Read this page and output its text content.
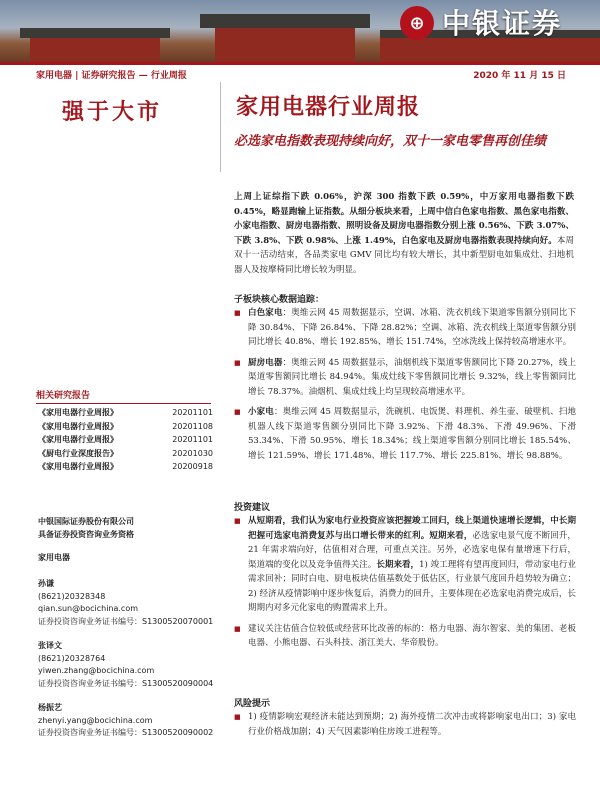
⊕ 中银证券
家用电器 | 证券研究报告 — 行业周报	2020 年 11 月 15 日
强于大市
相关研究报告
《家用电器行业周报》	20201101
《家用电器行业周报》	20201108
《家用电器行业周报》	20201101
《厨电行业深度报告》	20201030
《家用电器行业周报》	20200918
中银国际证券股份有限公司
具备证券投资咨询业务资格
家用电器
孙谦
(8621)20328348
qian.sun@bocichina.com
证券投资咨询业务证书编号：S1300520070001
张译文
(8621)20328764
yiwen.zhang@bocichina.com
证券投资咨询业务证书编号：S1300520090004
杨振艺
zhenyi.yang@bocichina.com
证券投资咨询业务证书编号：S1300520090002
家用电器行业周报
必选家电指数表现持续向好，双十一家电零售再创佳绩
上周上证综指下跌 0.06%，沪深 300 指数下跌 0.59%，中万家用电器指数下跌 0.45%，略显跑输上证指数。从细分板块来看，上周中信白色家电指数、黑色家电指数、小家电指数、厨房电器指数、照明设备及厨房电器指数分别上涨 0.56%、下跌 3.07%、下跌 3.8%、下跌 0.98%、上涨 1.49%，白色家电及厨房电器指数表现持续向好。本周双十一活动结束，各品类家电 GMV 同比均有较大增长，其中新型厨电如集成灶、扫地机器人及按摩椅同比增长较为明显。
子板块核心数据追踪：
■ 白色家电：奥维云网 45 周数据显示，空调、冰箱、洗衣机线下渠道零售额分别同比下降 30.84%、下降 26.84%、下降 28.82%；空调、冰箱、洗衣机线上渠道零售额分别同比增长 40.8%、增长 192.85%、增长 151.74%，空冰洗线上保持较高增速水平。
■ 厨房电器：奥维云网 45 周数据显示，油烟机线下渠道零售额同比下降 20.27%，线上渠道零售额同比增长 84.94%。集成灶线下零售额同比增长 9.32%，线上零售额同比增长 78.37%。油烟机、集成灶线上均呈现较高增速水平。
■ 小家电：奥维云网 45 周数据显示，洗碗机、电饭煲、料理机、养生壶、破壁机、扫地机器人线下渠道零售额分别同比下降 3.92%、下滑 48.3%、下滑 49.96%、下滑 53.34%、下滑 50.95%、增长 18.34%；线上渠道零售额分别同比增长 185.54%、增长 121.59%、增长 171.48%、增长 117.7%、增长 225.81%、增长 98.88%。
投资建议
■ 从短期看，我们认为家电行业投资应该把握竣工回归，线上渠道快速增长逻辑，中长期把握可选家电消费复苏与出口增长带来的红利。短期来看，必选家电景气度不断回升，21 年需求端向好，估值相对合理，可重点关注。另外，必选家电保有量增速下行后，渠道端的变化以及竞争值得关注。长期来看，1) 竣工理将有望再度回归，带动家电行业需求回补；同时白电、厨电板块估值基数处于低估区，行业景气度回升趋势较为确立；2) 经济从疫情影响中逐步恢复后，消费力的回升，主要体现在必选家电消费完成后，长期期内对多元化家电的购置需求上升。
■ 建议关注估值合位较低或经营环比改善的标的：格力电器、海尔智家、美的集团、老板电器、小熊电器、石头科技、浙江美大、华帝股份。
风险提示
■ 1) 疫情影响宏观经济未能达到预期；2) 海外疫情二次冲击或将影响家电出口；3) 家电行业价格战加剧；4) 天气因素影响住房竣工进程等。
